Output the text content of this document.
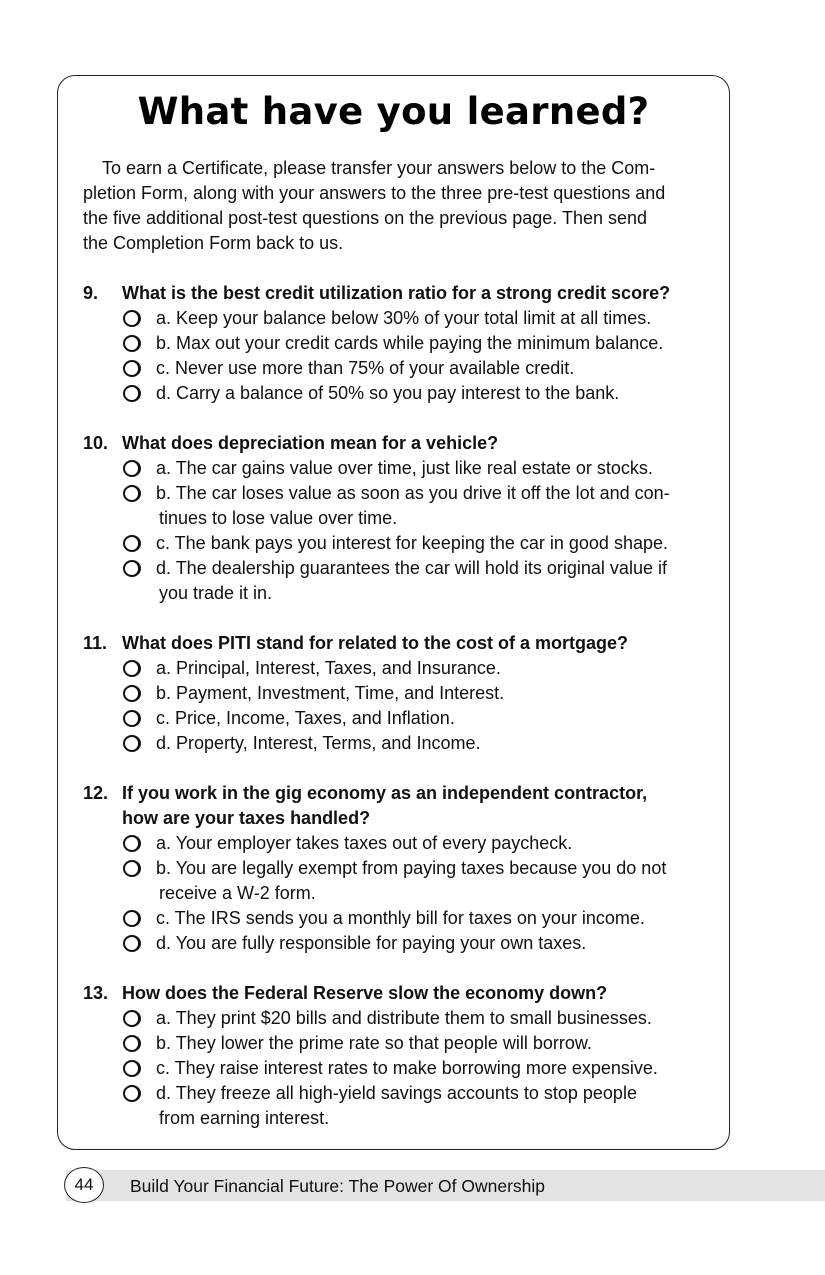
What have you learned?
To earn a Certificate, please transfer your answers below to the Com-
pletion Form, along with your answers to the three pre-test questions and
the five additional post-test questions on the previous page. Then send
the Completion Form back to us.
9. What is the best credit utilization ratio for a strong credit score?
a. Keep your balance below 30% of your total limit at all times.
b. Max out your credit cards while paying the minimum balance.
c. Never use more than 75% of your available credit.
d. Carry a balance of 50% so you pay interest to the bank.
10. What does depreciation mean for a vehicle?
a. The car gains value over time, just like real estate or stocks.
b. The car loses value as soon as you drive it off the lot and con-
tinues to lose value over time.
c. The bank pays you interest for keeping the car in good shape.
d. The dealership guarantees the car will hold its original value if
you trade it in.
11. What does PITI stand for related to the cost of a mortgage?
a. Principal, Interest, Taxes, and Insurance.
b. Payment, Investment, Time, and Interest.
c. Price, Income, Taxes, and Inflation.
d. Property, Interest, Terms, and Income.
12. If you work in the gig economy as an independent contractor,
how are your taxes handled?
a. Your employer takes taxes out of every paycheck.
b. You are legally exempt from paying taxes because you do not
receive a W-2 form.
c. The IRS sends you a monthly bill for taxes on your income.
d. You are fully responsible for paying your own taxes.
13. How does the Federal Reserve slow the economy down?
a. They print $20 bills and distribute them to small businesses.
b. They lower the prime rate so that people will borrow.
c. They raise interest rates to make borrowing more expensive.
d. They freeze all high-yield savings accounts to stop people
from earning interest.
44	Build Your Financial Future: The Power Of Ownership
